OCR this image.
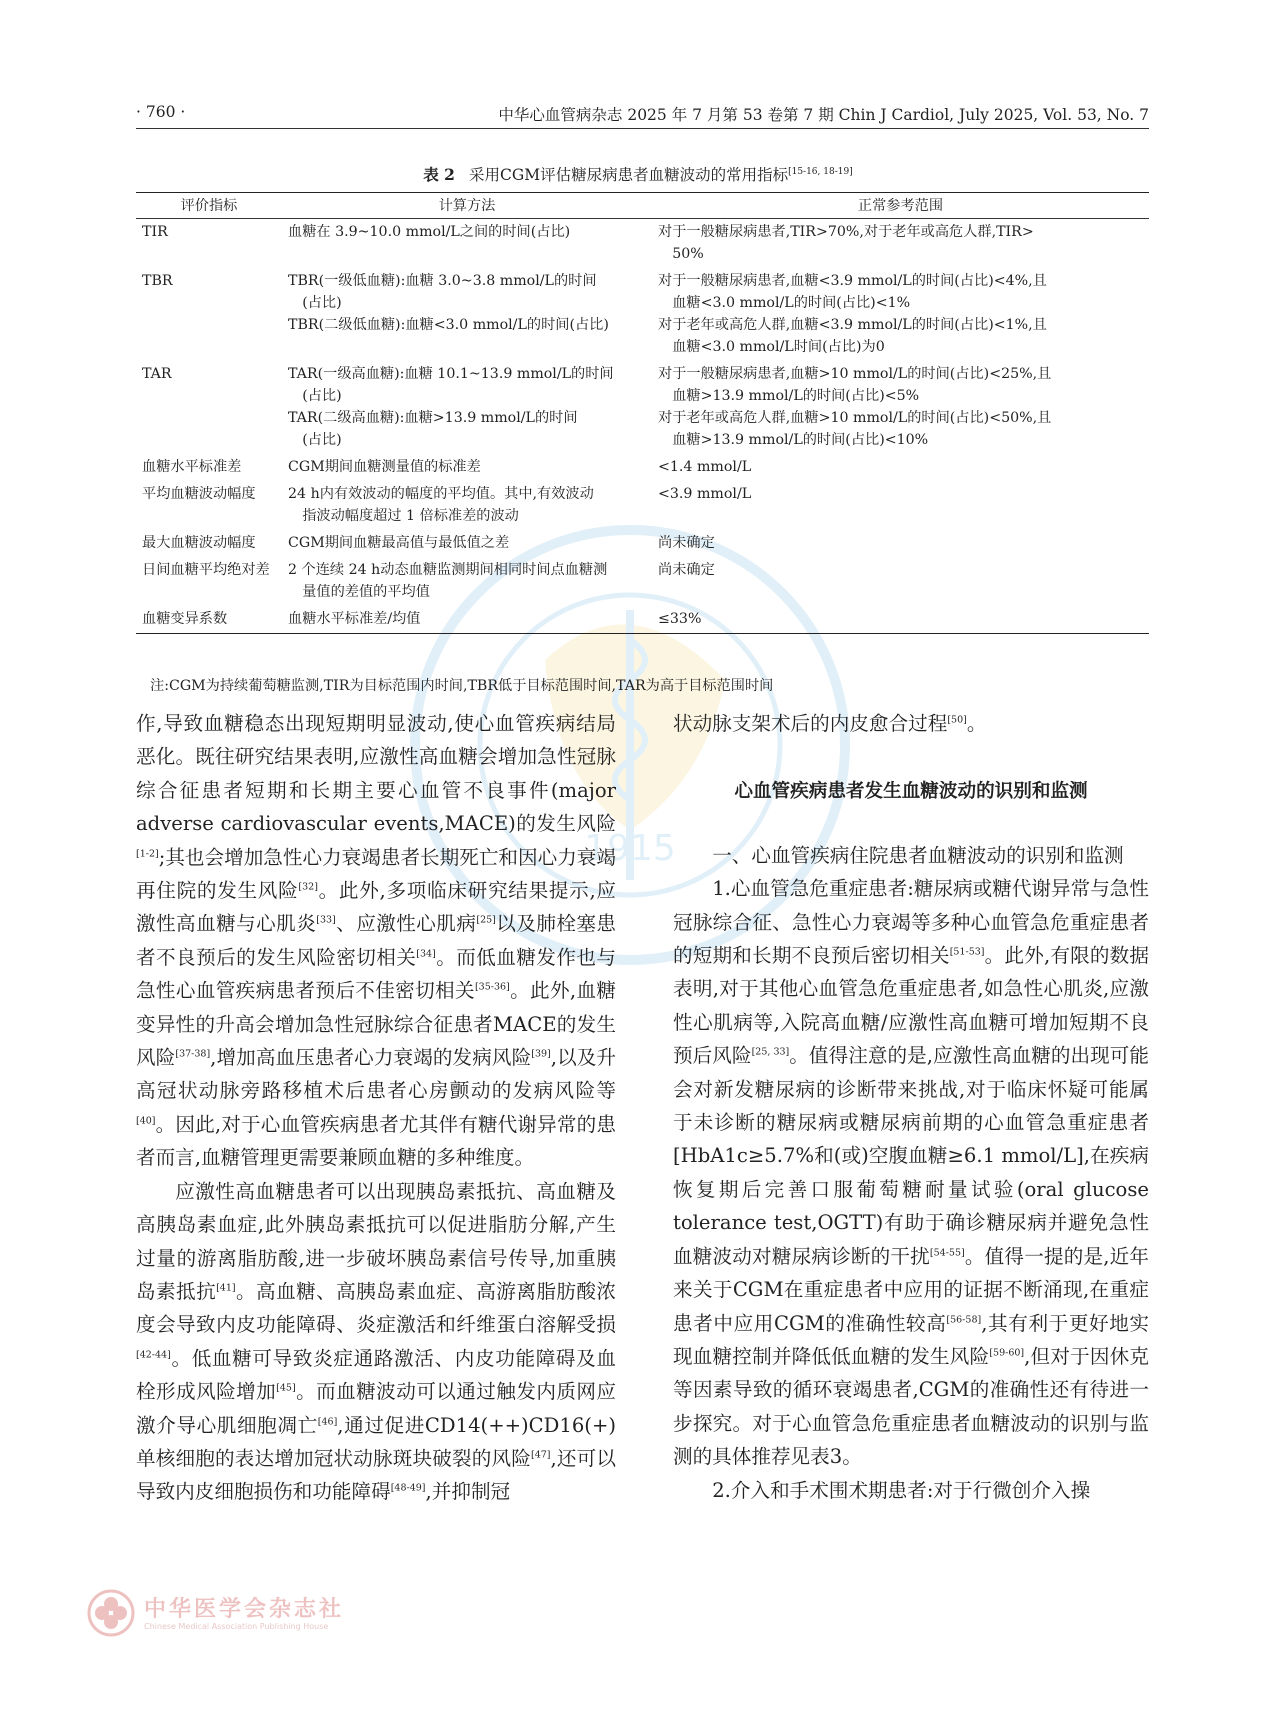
· 760 ·	中华心血管病杂志 2025 年 7 月第 53 卷第 7 期 Chin J Cardiol, July 2025, Vol. 53, No. 7
1915
表 2 采用CGM评估糖尿病患者血糖波动的常用指标[15-16, 18-19]
评价指标	计算方法	正常参考范围

TIR	血糖在 3.9~10.0 mmol/L之间的时间(占比)	对于一般糖尿病患者,TIR>70%,对于老年或高危人群,TIR>
50%

TBR	TBR(一级低血糖):血糖 3.0~3.8 mmol/L的时间
(占比)
TBR(二级低血糖):血糖<3.0 mmol/L的时间(占比)	对于一般糖尿病患者,血糖<3.9 mmol/L的时间(占比)<4%,且
血糖<3.0 mmol/L的时间(占比)<1%
对于老年或高危人群,血糖<3.9 mmol/L的时间(占比)<1%,且
血糖<3.0 mmol/L时间(占比)为0

TAR	TAR(一级高血糖):血糖 10.1~13.9 mmol/L的时间
(占比)
TAR(二级高血糖):血糖>13.9 mmol/L的时间
(占比)	对于一般糖尿病患者,血糖>10 mmol/L的时间(占比)<25%,且
血糖>13.9 mmol/L的时间(占比)<5%
对于老年或高危人群,血糖>10 mmol/L的时间(占比)<50%,且
血糖>13.9 mmol/L的时间(占比)<10%

血糖水平标准差	CGM期间血糖测量值的标准差	<1.4 mmol/L

平均血糖波动幅度	24 h内有效波动的幅度的平均值。其中,有效波动
指波动幅度超过 1 倍标准差的波动	<3.9 mmol/L

最大血糖波动幅度	CGM期间血糖最高值与最低值之差	尚未确定

日间血糖平均绝对差	2 个连续 24 h动态血糖监测期间相同时间点血糖测
量值的差值的平均值	尚未确定

血糖变异系数	血糖水平标准差/均值	≤33%
注:CGM为持续葡萄糖监测,TIR为目标范围内时间,TBR低于目标范围时间,TAR为高于目标范围时间

作,导致血糖稳态出现短期明显波动,使心血管疾病结局恶化。既往研究结果表明,应激性高血糖会增加急性冠脉综合征患者短期和长期主要心血管不良事件(major adverse cardiovascular events,MACE)的发生风险[1-2];其也会增加急性心力衰竭患者长期死亡和因心力衰竭再住院的发生风险[32]。此外,多项临床研究结果提示,应激性高血糖与心肌炎[33]、应激性心肌病[25]以及肺栓塞患者不良预后的发生风险密切相关[34]。而低血糖发作也与急性心血管疾病患者预后不佳密切相关[35-36]。此外,血糖变异性的升高会增加急性冠脉综合征患者MACE的发生风险[37-38],增加高血压患者心力衰竭的发病风险[39],以及升高冠状动脉旁路移植术后患者心房颤动的发病风险等[40]。因此,对于心血管疾病患者尤其伴有糖代谢异常的患者而言,血糖管理更需要兼顾血糖的多种维度。

应激性高血糖患者可以出现胰岛素抵抗、高血糖及高胰岛素血症,此外胰岛素抵抗可以促进脂肪分解,产生过量的游离脂肪酸,进一步破坏胰岛素信号传导,加重胰岛素抵抗[41]。高血糖、高胰岛素血症、高游离脂肪酸浓度会导致内皮功能障碍、炎症激活和纤维蛋白溶解受损[42-44]。低血糖可导致炎症通路激活、内皮功能障碍及血栓形成风险增加[45]。而血糖波动可以通过触发内质网应激介导心肌细胞凋亡[46],通过促进CD14(++)CD16(+)单核细胞的表达增加冠状动脉斑块破裂的风险[47],还可以导致内皮细胞损伤和功能障碍[48-49],并抑制冠

状动脉支架术后的内皮愈合过程[50]。

心血管疾病患者发生血糖波动的识别和监测

一、心血管疾病住院患者血糖波动的识别和监测

1.心血管急危重症患者:糖尿病或糖代谢异常与急性冠脉综合征、急性心力衰竭等多种心血管急危重症患者的短期和长期不良预后密切相关[51-53]。此外,有限的数据表明,对于其他心血管急危重症患者,如急性心肌炎,应激性心肌病等,入院高血糖/应激性高血糖可增加短期不良预后风险[25, 33]。值得注意的是,应激性高血糖的出现可能会对新发糖尿病的诊断带来挑战,对于临床怀疑可能属于未诊断的糖尿病或糖尿病前期的心血管急重症患者[HbA1c≥5.7%和(或)空腹血糖≥6.1 mmol/L],在疾病恢复期后完善口服葡萄糖耐量试验(oral glucose tolerance test,OGTT)有助于确诊糖尿病并避免急性血糖波动对糖尿病诊断的干扰[54-55]。值得一提的是,近年来关于CGM在重症患者中应用的证据不断涌现,在重症患者中应用CGM的准确性较高[56-58],其有利于更好地实现血糖控制并降低低血糖的发生风险[59-60],但对于因休克等因素导致的循环衰竭患者,CGM的准确性还有待进一步探究。对于心血管急危重症患者血糖波动的识别与监测的具体推荐见表3。

2.介入和手术围术期患者:对于行微创介入操

中华医学会杂志社
Chinese Medical Association Publishing House
